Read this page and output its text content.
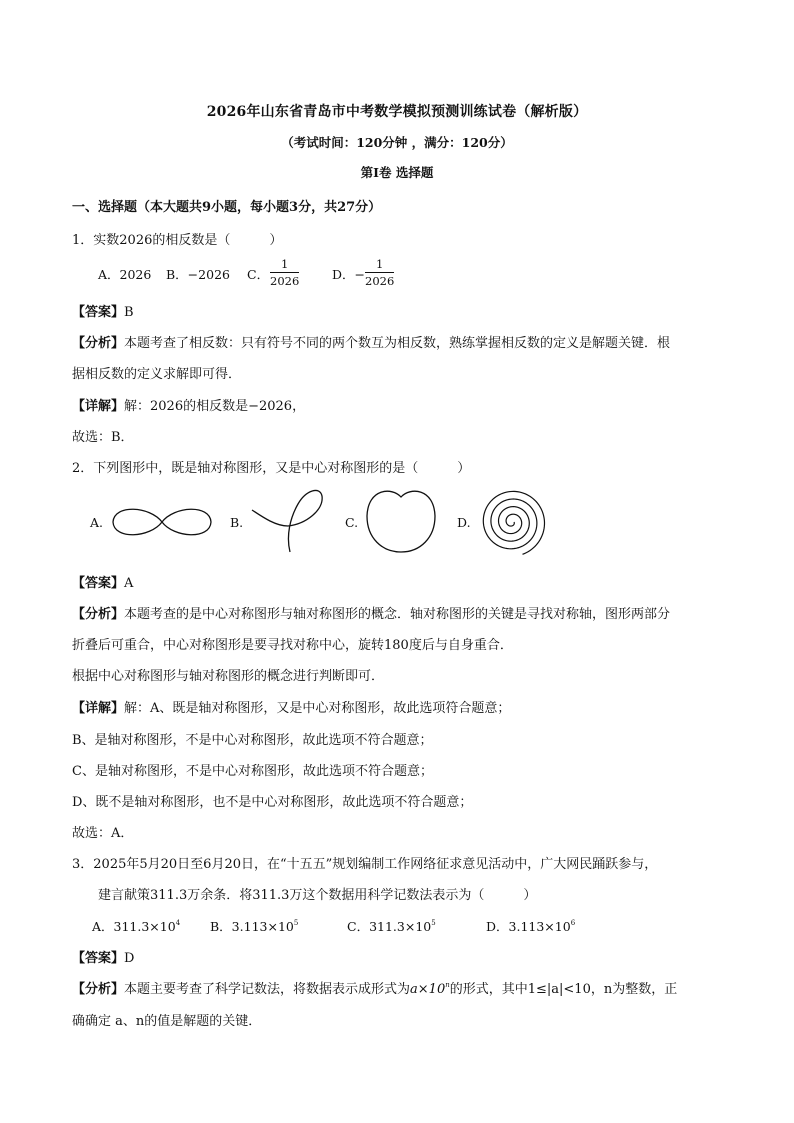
2026年山东省青岛市中考数学模拟预测训练试卷（解析版）
（考试时间：120分钟 ，满分：120分）
第Ⅰ卷 选择题
一、选择题（本大题共9小题，每小题3分，共27分）
1．实数2026的相反数是（　　　）
A．2026 B．−2026 C． $\frac{1}{2026}$	D．− $\frac{1}{2026}$
【答案】B
【分析】本题考查了相反数：只有符号不同的两个数互为相反数，熟练掌握相反数的定义是解题关键．根
据相反数的定义求解即可得．
【详解】解：2026的相反数是−2026，
故选：B．
2．下列图形中，既是轴对称图形，又是中心对称图形的是（　　　）
A.	B.	C.	D.
【答案】A
【分析】本题考查的是中心对称图形与轴对称图形的概念．轴对称图形的关键是寻找对称轴，图形两部分
折叠后可重合，中心对称图形是要寻找对称中心，旋转180度后与自身重合．
根据中心对称图形与轴对称图形的概念进行判断即可．
【详解】解：A、既是轴对称图形，又是中心对称图形，故此选项符合题意；
B、是轴对称图形，不是中心对称图形，故此选项不符合题意；
C、是轴对称图形，不是中心对称图形，故此选项不符合题意；
D、既不是轴对称图形，也不是中心对称图形，故此选项不符合题意；
故选：A．
3．2025年5月20日至6月20日，在“十五五”规划编制工作网络征求意见活动中，广大网民踊跃参与，
建言献策311.3万余条．将311.3万这个数据用科学记数法表示为（　　　）
A．$311.3\times 10^4$ B．$3.113\times 10^5$	C．$311.3\times 10^5$	D．$3.113\times 10^6$
【答案】D
【分析】本题主要考查了科学记数法，将数据表示成形式为$a\times 10^n$的形式，其中1≤|a|<10，n为整数，正
确确定 a、n的值是解题的关键．
